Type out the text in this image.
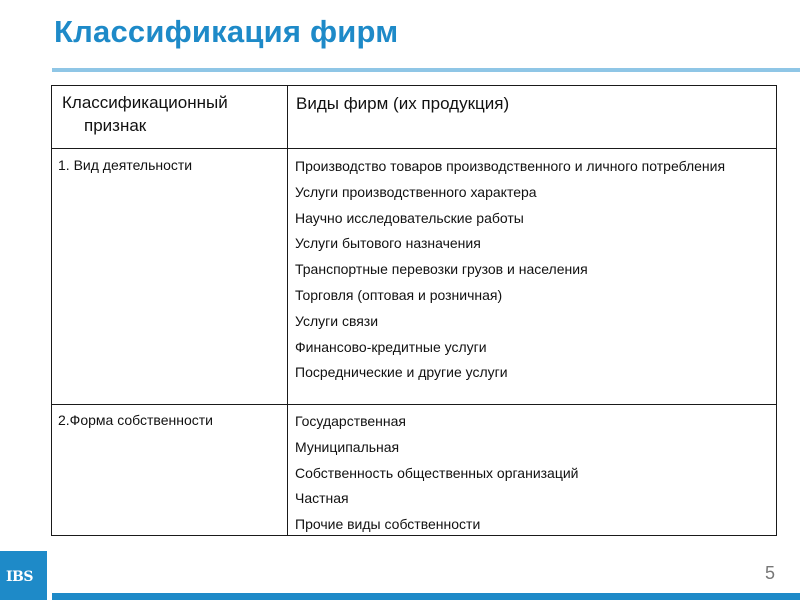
Классификация фирм
Классификационный
признак
Виды фирм (их продукция)
1. Вид деятельности	Производство товаров производственного и личного потребления
Услуги производственного характера
Научно исследовательские работы
Услуги бытового назначения
Транспортные перевозки грузов и населения
Торговля (оптовая и розничная)
Услуги связи
Финансово-кредитные услуги
Посреднические и другие услуги
2.Форма собственности	Государственная
Муниципальная
Собственность общественных организаций
Частная
Прочие виды собственности
IBS	5
